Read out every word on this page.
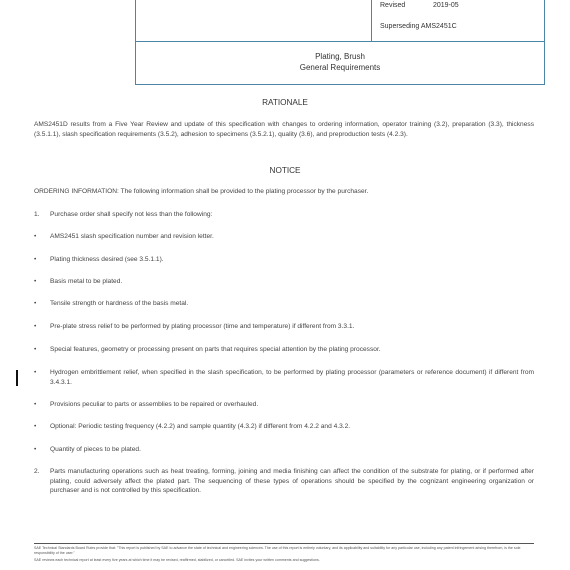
Revised	2019-05
Superseding AMS2451C
Plating, Brush
General Requirements
RATIONALE

AMS2451D results from a Five Year Review and update of this specification with changes to ordering information, operator training (3.2), preparation (3.3), thickness (3.5.1.1), slash specification requirements (3.5.2), adhesion to specimens (3.5.2.1), quality (3.6), and preproduction tests (4.2.3).

NOTICE

ORDERING INFORMATION: The following information shall be provided to the plating processor by the purchaser.

1. Purchase order shall specify not less than the following:
• AMS2451 slash specification number and revision letter.
• Plating thickness desired (see 3.5.1.1).
• Basis metal to be plated.
• Tensile strength or hardness of the basis metal.
• Pre-plate stress relief to be performed by plating processor (time and temperature) if different from 3.3.1.
• Special features, geometry or processing present on parts that requires special attention by the plating processor.
• Hydrogen embrittlement relief, when specified in the slash specification, to be performed by plating processor (parameters or reference document) if different from 3.4.3.1.
• Provisions peculiar to parts or assemblies to be repaired or overhauled.
• Optional: Periodic testing frequency (4.2.2) and sample quantity (4.3.2) if different from 4.2.2 and 4.3.2.
• Quantity of pieces to be plated.
2. Parts manufacturing operations such as heat treating, forming, joining and media finishing can affect the condition of the substrate for plating, or if performed after plating, could adversely affect the plated part. The sequencing of these types of operations should be specified by the cognizant engineering organization or purchaser and is not controlled by this specification.
SAE Technical Standards Board Rules provide that: "This report is published by SAE to advance the state of technical and engineering sciences. The use of this report is entirely voluntary, and its applicability and suitability for any particular use, including any patent infringement arising therefrom, is the sole responsibility of the user."
SAE reviews each technical report at least every five years at which time it may be revised, reaffirmed, stabilized, or cancelled. SAE invites your written comments and suggestions.
